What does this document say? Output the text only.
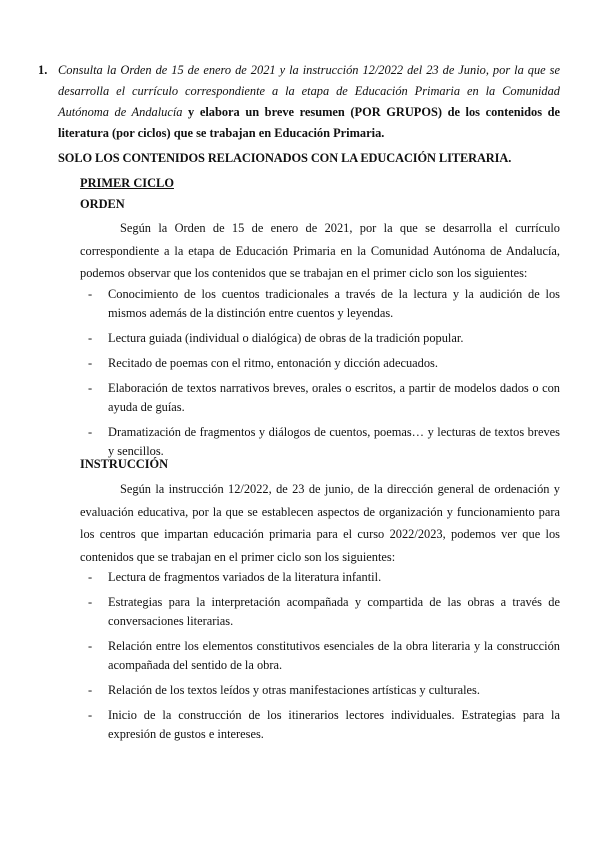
1. Consulta la Orden de 15 de enero de 2021 y la instrucción 12/2022 del 23 de Junio, por la que se desarrolla el currículo correspondiente a la etapa de Educación Primaria en la Comunidad Autónoma de Andalucía y elabora un breve resumen (POR GRUPOS) de los contenidos de literatura (por ciclos) que se trabajan en Educación Primaria.
SOLO LOS CONTENIDOS RELACIONADOS CON LA EDUCACIÓN LITERARIA.
PRIMER CICLO
ORDEN
Según la Orden de 15 de enero de 2021, por la que se desarrolla el currículo correspondiente a la etapa de Educación Primaria en la Comunidad Autónoma de Andalucía, podemos observar que los contenidos que se trabajan en el primer ciclo son los siguientes:
- Conocimiento de los cuentos tradicionales a través de la lectura y la audición de los mismos además de la distinción entre cuentos y leyendas.
- Lectura guiada (individual o dialógica) de obras de la tradición popular.
- Recitado de poemas con el ritmo, entonación y dicción adecuados.
- Elaboración de textos narrativos breves, orales o escritos, a partir de modelos dados o con ayuda de guías.
- Dramatización de fragmentos y diálogos de cuentos, poemas… y lecturas de textos breves y sencillos.
INSTRUCCIÓN
Según la instrucción 12/2022, de 23 de junio, de la dirección general de ordenación y evaluación educativa, por la que se establecen aspectos de organización y funcionamiento para los centros que impartan educación primaria para el curso 2022/2023, podemos ver que los contenidos que se trabajan en el primer ciclo son los siguientes:
- Lectura de fragmentos variados de la literatura infantil.
- Estrategias para la interpretación acompañada y compartida de las obras a través de conversaciones literarias.
- Relación entre los elementos constitutivos esenciales de la obra literaria y la construcción acompañada del sentido de la obra.
- Relación de los textos leídos y otras manifestaciones artísticas y culturales.
- Inicio de la construcción de los itinerarios lectores individuales. Estrategias para la expresión de gustos e intereses.
